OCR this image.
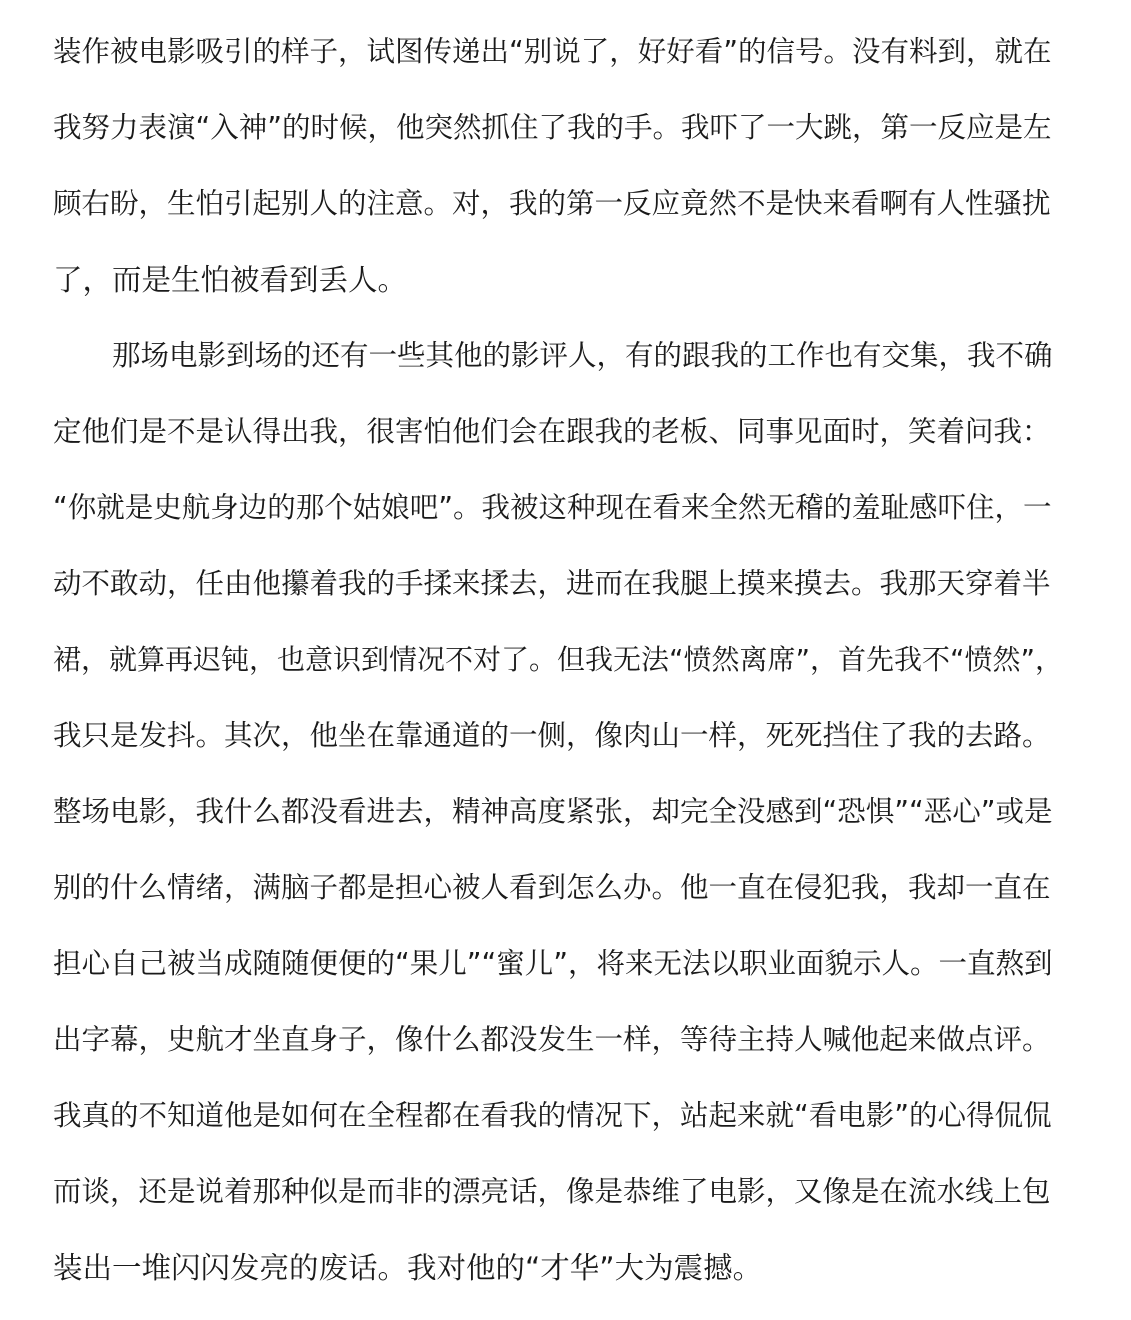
装作被电影吸引的样子，试图传递出“别说了，好好看”的信号。没有料到，就在
我努力表演“入神”的时候，他突然抓住了我的手。我吓了一大跳，第一反应是左
顾右盼，生怕引起别人的注意。对，我的第一反应竟然不是快来看啊有人性骚扰
了，而是生怕被看到丢人。
那场电影到场的还有一些其他的影评人，有的跟我的工作也有交集，我不确
定他们是不是认得出我，很害怕他们会在跟我的老板、同事见面时，笑着问我：
“你就是史航身边的那个姑娘吧”。我被这种现在看来全然无稽的羞耻感吓住，一
动不敢动，任由他攥着我的手揉来揉去，进而在我腿上摸来摸去。我那天穿着半
裙，就算再迟钝，也意识到情况不对了。但我无法“愤然离席”，首先我不“愤然”，
我只是发抖。其次，他坐在靠通道的一侧，像肉山一样，死死挡住了我的去路。
整场电影，我什么都没看进去，精神高度紧张，却完全没感到“恐惧”“恶心”或是
别的什么情绪，满脑子都是担心被人看到怎么办。他一直在侵犯我，我却一直在
担心自己被当成随随便便的“果儿”“蜜儿”，将来无法以职业面貌示人。一直熬到
出字幕，史航才坐直身子，像什么都没发生一样，等待主持人喊他起来做点评。
我真的不知道他是如何在全程都在看我的情况下，站起来就“看电影”的心得侃侃
而谈，还是说着那种似是而非的漂亮话，像是恭维了电影，又像是在流水线上包
装出一堆闪闪发亮的废话。我对他的“才华”大为震撼。
